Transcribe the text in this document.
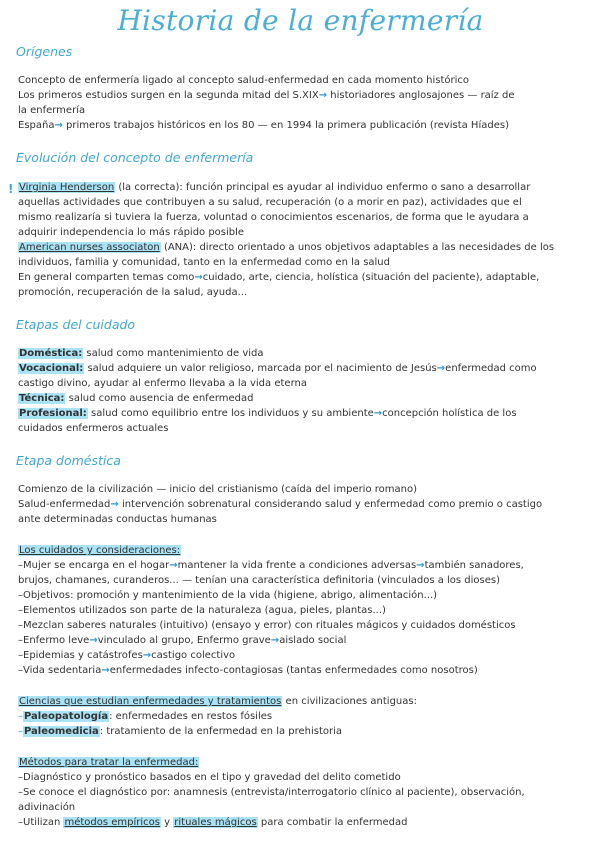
Historia de la enfermería
Orígenes
Concepto de enfermería ligado al concepto salud-enfermedad en cada momento histórico
Los primeros estudios surgen en la segunda mitad del S.XIX→ historiadores anglosajones — raíz de
la enfermería
España→ primeros trabajos históricos en los 80 — en 1994 la primera publicación (revista Híades)
Evolución del concepto de enfermería
! Virginia Henderson (la correcta): función principal es ayudar al individuo enfermo o sano a desarrollar
aquellas actividades que contribuyen a su salud, recuperación (o a morir en paz), actividades que el
mismo realizaría si tuviera la fuerza, voluntad o conocimientos escenarios, de forma que le ayudara a
adquirir independencia lo más rápido posible
American nurses associaton (ANA): directo orientado a unos objetivos adaptables a las necesidades de los
individuos, familia y comunidad, tanto en la enfermedad como en la salud
En general comparten temas como→cuidado, arte, ciencia, holística (situación del paciente), adaptable,
promoción, recuperación de la salud, ayuda...
Etapas del cuidado
Doméstica: salud como mantenimiento de vida
Vocacional: salud adquiere un valor religioso, marcada por el nacimiento de Jesús→enfermedad como
castigo divino, ayudar al enfermo llevaba a la vida eterna
Técnica: salud como ausencia de enfermedad
Profesional: salud como equilibrio entre los individuos y su ambiente→concepción holística de los
cuidados enfermeros actuales
Etapa doméstica
Comienzo de la civilización — inicio del cristianismo (caída del imperio romano)
Salud-enfermedad→ intervención sobrenatural considerando salud y enfermedad como premio o castigo
ante determinadas conductas humanas
Los cuidados y consideraciones:
–Mujer se encarga en el hogar→mantener la vida frente a condiciones adversas→también sanadores,
brujos, chamanes, curanderos... — tenían una característica definitoria (vinculados a los dioses)
–Objetivos: promoción y mantenimiento de la vida (higiene, abrigo, alimentación...)
–Elementos utilizados son parte de la naturaleza (agua, pieles, plantas...)
–Mezclan saberes naturales (intuitivo) (ensayo y error) con rituales mágicos y cuidados domésticos
–Enfermo leve→vinculado al grupo, Enfermo grave→aislado social
–Epidemias y catástrofes→castigo colectivo
–Vida sedentaria→enfermedades infecto-contagiosas (tantas enfermedades como nosotros)
Ciencias que estudian enfermedades y tratamientos en civilizaciones antiguas:
–Paleopatología: enfermedades en restos fósiles
–Paleomedicia: tratamiento de la enfermedad en la prehistoria
Métodos para tratar la enfermedad:
–Diagnóstico y pronóstico basados en el tipo y gravedad del delito cometido
–Se conoce el diagnóstico por: anamnesis (entrevista/interrogatorio clínico al paciente), observación,
adivinación
–Utilizan métodos empíricos y rituales mágicos para combatir la enfermedad
